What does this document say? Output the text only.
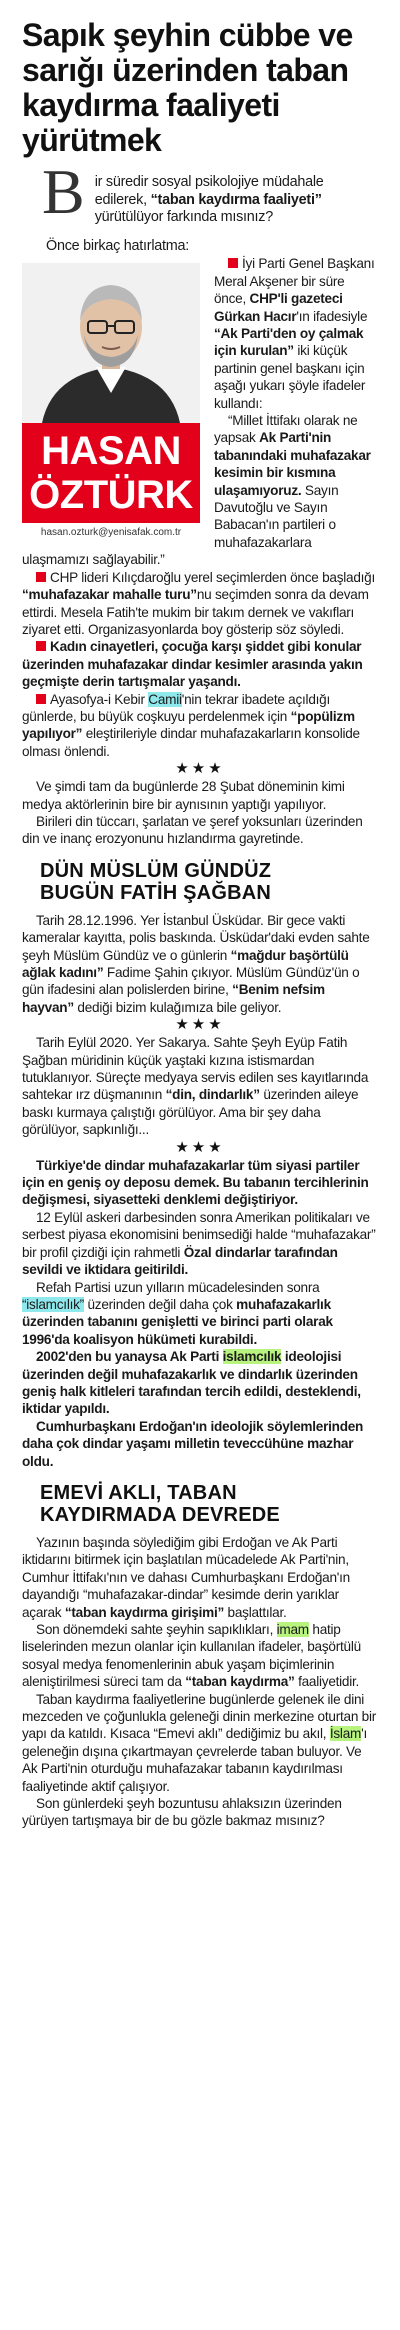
Sapık şeyhin cübbe ve sarığı üzerinden taban kaydırma faaliyeti yürütmek
B ir süredir sosyal psikolojiye müdahale edilerek, “taban kaydırma faaliyeti” yürütülüyor farkında mısınız?

Önce birkaç hatırlatma:

HASAN
ÖZTÜRK
hasan.ozturk@yenisafak.com.tr

İyi Parti Genel Başkanı Meral Akşener bir süre önce, CHP'li gazeteci Gürkan Hacır'ın ifadesiyle “Ak Parti'den oy çalmak için kurulan” iki küçük partinin genel başkanı için aşağı yukarı şöyle ifadeler kullandı:

“Millet İttifakı olarak ne yapsak Ak Parti'nin tabanındaki muhafazakar kesimin bir kısmına ulaşamıyoruz. Sayın Davutoğlu ve Sayın Babacan'ın partileri o muhafazakarlara ulaşmamızı sağlayabilir.”

CHP lideri Kılıçdaroğlu yerel seçimlerden önce başladığı “muhafazakar mahalle turu”nu seçimden sonra da devam ettirdi. Mesela Fatih'te mukim bir takım dernek ve vakıfları ziyaret etti. Organizasyonlarda boy gösterip söz söyledi.

Kadın cinayetleri, çocuğa karşı şiddet gibi konular üzerinden muhafazakar dindar kesimler arasında yakın geçmişte derin tartışmalar yaşandı.

Ayasofya-i Kebir Camii'nin tekrar ibadete açıldığı günlerde, bu büyük coşkuyu perdelenmek için “popülizm yapılıyor” eleştirileriyle dindar muhafazakarların konsolide olması önlendi.

★★★

Ve şimdi tam da bugünlerde 28 Şubat döneminin kimi medya aktörlerinin bire bir aynısının yaptığı yapılıyor.

Birileri din tüccarı, şarlatan ve şeref yoksunları üzerinden din ve inanç erozyonunu hızlandırma gayretinde.

DÜN MÜSLÜM GÜNDÜZ
BUGÜN FATİH ŞAĞBAN

Tarih 28.12.1996. Yer İstanbul Üsküdar. Bir gece vakti kameralar kayıtta, polis baskında. Üsküdar'daki evden sahte şeyh Müslüm Gündüz ve o günlerin “mağdur başörtülü ağlak kadını” Fadime Şahin çıkıyor. Müslüm Gündüz'ün o gün ifadesini alan polislerden birine, “Benim nefsim hayvan” dediği bizim kulağımıza bile geliyor.

★★★

Tarih Eylül 2020. Yer Sakarya. Sahte Şeyh Eyüp Fatih Şağban müridinin küçük yaştaki kızına istismardan tutuklanıyor. Süreçte medyaya servis edilen ses kayıtlarında sahtekar ırz düşmanının “din, dindarlık” üzerinden aileye baskı kurmaya çalıştığı görülüyor. Ama bir şey daha görülüyor, sapkınlığı...

★★★

Türkiye'de dindar muhafazakarlar tüm siyasi partiler için en geniş oy deposu demek. Bu tabanın tercihlerinin değişmesi, siyasetteki denklemi değiştiriyor.

12 Eylül askeri darbesinden sonra Amerikan politikaları ve serbest piyasa ekonomisini benimsediği halde “muhafazakar” bir profil çizdiği için rahmetli Özal dindarlar tarafından sevildi ve iktidara geitirildi.

Refah Partisi uzun yılların mücadelesinden sonra “islamcılık” üzerinden değil daha çok muhafazakarlık üzerinden tabanını genişletti ve birinci parti olarak 1996'da koalisyon hükümeti kurabildi.

2002'den bu yanaysa Ak Parti islamcılık ideolojisi üzerinden değil muhafazakarlık ve dindarlık üzerinden geniş halk kitleleri tarafından tercih edildi, desteklendi, iktidar yapıldı.

Cumhurbaşkanı Erdoğan'ın ideolojik söylemlerinden daha çok dindar yaşamı milletin teveccühüne mazhar oldu.

EMEVİ AKLI, TABAN
KAYDIRMADA DEVREDE

Yazının başında söylediğim gibi Erdoğan ve Ak Parti iktidarını bitirmek için başlatılan mücadelede Ak Parti'nin, Cumhur İttifakı'nın ve dahası Cumhurbaşkanı Erdoğan'ın dayandığı “muhafazakar-dindar” kesimde derin yarıklar açarak “taban kaydırma girişimi” başlattılar.

Son dönemdeki sahte şeyhin sapıklıkları, imam hatip liselerinden mezun olanlar için kullanılan ifadeler, başörtülü sosyal medya fenomenlerinin abuk yaşam biçimlerinin aleniştirilmesi süreci tam da “taban kaydırma” faaliyetidir.

Taban kaydırma faaliyetlerine bugünlerde gelenek ile dini mezceden ve çoğunlukla geleneği dinin merkezine oturtan bir yapı da katıldı. Kısaca “Emevi aklı” dediğimiz bu akıl, İslam'ı geleneğin dışına çıkartmayan çevrelerde taban buluyor. Ve Ak Parti'nin oturduğu muhafazakar tabanın kaydırılması faaliyetinde aktif çalışıyor.

Son günlerdeki şeyh bozuntusu ahlaksızın üzerinden yürüyen tartışmaya bir de bu gözle bakmaz mısınız?
